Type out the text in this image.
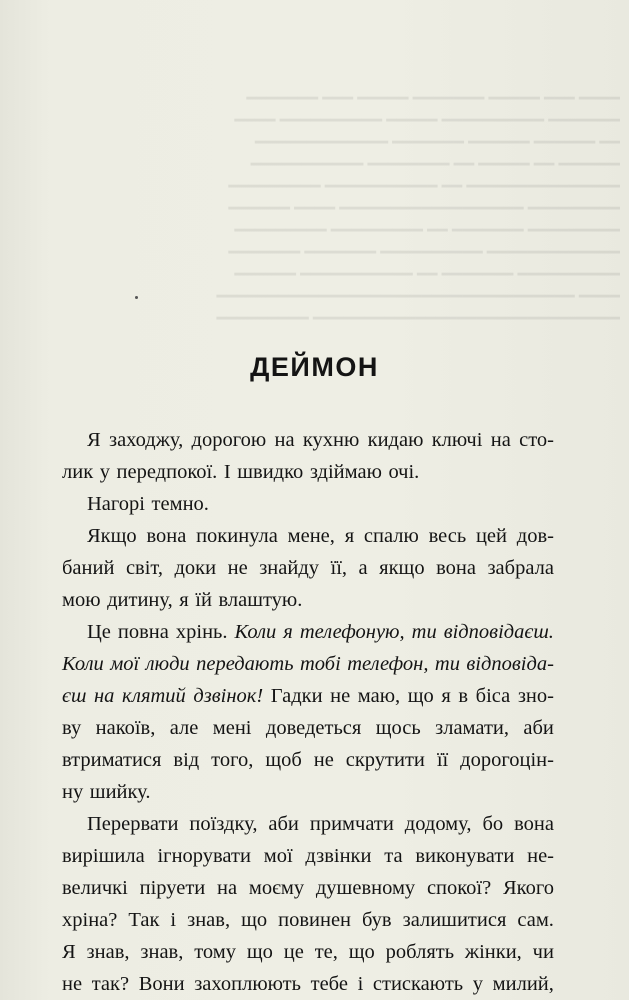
━━━━ ━━━ ━━━━━ ━━━━━━━ ━━━━━ ━━━ ━━━━━━━
━━━━━━━ ━━━━━━━━━━ ━━━━━ ━━━━━━━━━━ ━━━━
━━ ━━━━━━ ━━━━━━ ━━━━━━━ ━━━━━━━━━━━━━
━━━━━━ ━━ ━━━━━ ━━ ━━━━━━━━ ━━━━━━━━━━━
━━━━━━━━━━━━━━━ ━━ ━━━━━━━━━━━ ━━━━━━━━━
━━━━━━━━━ ━━━━━━━━━━━━━━━━━━ ━━━━ ━━━━━━
━━━━━━━━━ ━━━━━━━ ━━ ━━━━━━━━━ ━━━━━━━━━
━━━━━━━━━━━━━ ━━━━━━━━━━ ━━━━━━━ ━━━━━━━
━━━━━━━━━━ ━━━━━━━ ━━ ━━━━━━━━━━━ ━━━━━━
━━━━ ━━━━━━━━━━━━━━━━━━━━━━━━━━━━━━━━━━━
━━━━━━━━━━━━━━━━━━━━━━━━━━━━━━ ━━━━━━━━━
ДЕЙМОН
Я заходжу, дорогою на кухню кидаю ключі на сто-
лик у передпокої. І швидко здіймаю очі.
Нагорі темно.
Якщо вона покинула мене, я спалю весь цей дов-
баний світ, доки не знайду її, а якщо вона забрала
мою дитину, я їй влаштую.
Це повна хрінь. Коли я телефоную, ти відповідаєш.
Коли мої люди передають тобі телефон, ти відповіда-
єш на клятий дзвінок! Гадки не маю, що я в біса зно-
ву накоїв, але мені доведеться щось зламати, аби
втриматися від того, щоб не скрутити її дорогоцін-
ну шийку.
Перервати поїздку, аби примчати додому, бо вона
вирішила ігнорувати мої дзвінки та виконувати не-
величкі піруети на моєму душевному спокої? Якого
хріна? Так і знав, що повинен був залишитися сам.
Я знав, знав, тому що це те, що роблять жінки, чи
не так? Вони захоплюють тебе і стискають у милий,
